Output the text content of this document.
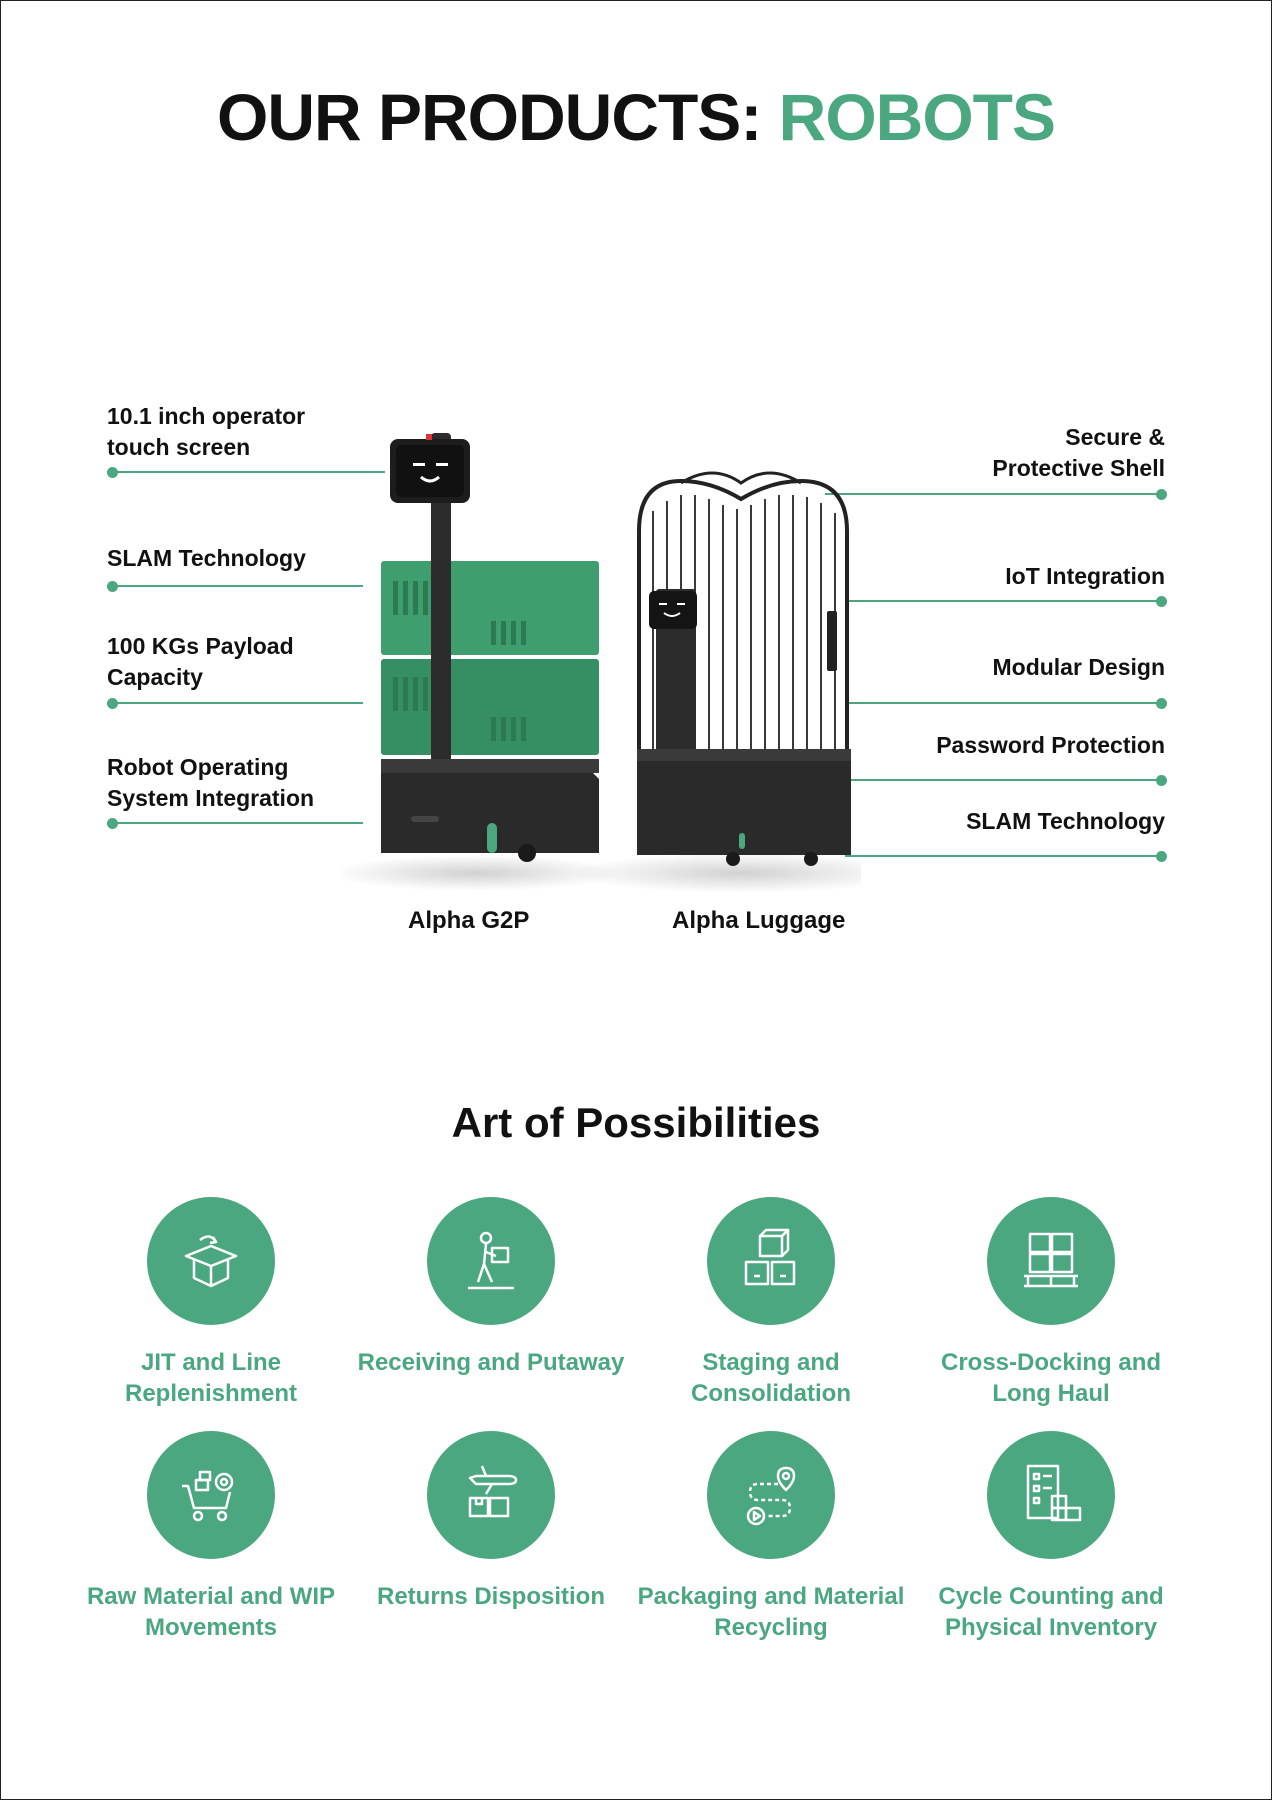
OUR PRODUCTS: ROBOTS
10.1 inch operator touch screen
SLAM Technology
100 KGs Payload Capacity
Robot Operating System Integration
Secure & Protective Shell
IoT Integration
Modular Design
Password Protection
SLAM Technology
Alpha G2P	Alpha Luggage
Art of Possibilities
JIT and Line Replenishment
Receiving and Putaway	Staging and Consolidation
Cross-Docking and Long Haul
Raw Material and WIP Movements
Returns Disposition	Packaging and Material Recycling
Cycle Counting and Physical Inventory
